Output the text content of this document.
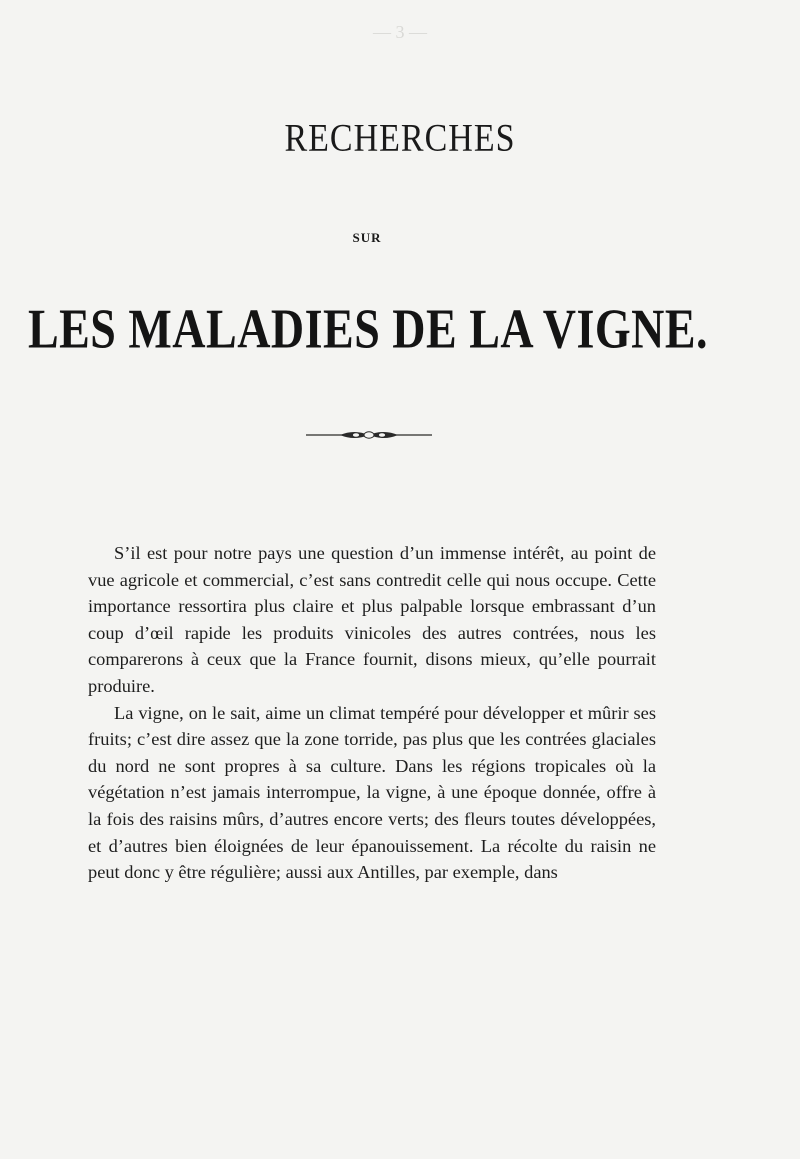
— 3 —
RECHERCHES
SUR
LES MALADIES DE LA VIGNE.

S’il est pour notre pays une question d’un immense intérêt, au point de vue agricole et commercial, c’est sans contredit celle qui nous occupe. Cette importance ressortira plus claire et plus palpable lorsque embrassant d’un coup d’œil rapide les produits vinicoles des autres contrées, nous les comparerons à ceux que la France fournit, disons mieux, qu’elle pourrait produire.

La vigne, on le sait, aime un climat tempéré pour développer et mûrir ses fruits; c’est dire assez que la zone torride, pas plus que les contrées glaciales du nord ne sont propres à sa culture. Dans les régions tropicales où la végétation n’est jamais interrompue, la vigne, à une époque donnée, offre à la fois des raisins mûrs, d’autres encore verts; des fleurs toutes développées, et d’autres bien éloignées de leur épanouissement. La récolte du raisin ne peut donc y être régulière; aussi aux Antilles, par exemple, dans
